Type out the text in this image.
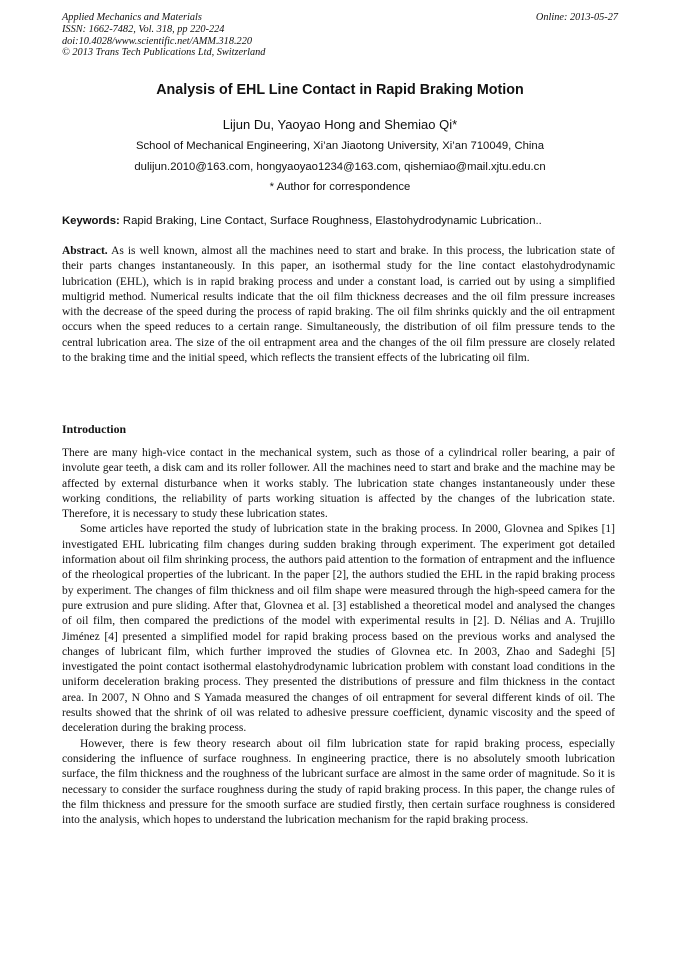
Applied Mechanics and Materials
ISSN: 1662-7482, Vol. 318, pp 220-224
doi:10.4028/www.scientific.net/AMM.318.220
© 2013 Trans Tech Publications Ltd, Switzerland
Online: 2013-05-27
Analysis of EHL Line Contact in Rapid Braking Motion
Lijun Du, Yaoyao Hong and Shemiao Qi*
School of Mechanical Engineering, Xi’an Jiaotong University, Xi’an 710049, China
dulijun.2010@163.com, hongyaoyao1234@163.com, qishemiao@mail.xjtu.edu.cn
* Author for correspondence
Keywords: Rapid Braking, Line Contact, Surface Roughness, Elastohydrodynamic Lubrication..

Abstract. As is well known, almost all the machines need to start and brake. In this process, the lubrication state of their parts changes instantaneously. In this paper, an isothermal study for the line contact elastohydrodynamic lubrication (EHL), which is in rapid braking process and under a constant load, is carried out by using a simplified multigrid method. Numerical results indicate that the oil film thickness decreases and the oil film pressure increases with the decrease of the speed during the process of rapid braking. The oil film shrinks quickly and the oil entrapment occurs when the speed reduces to a certain range. Simultaneously, the distribution of oil film pressure tends to the central lubrication area. The size of the oil entrapment area and the changes of the oil film pressure are closely related to the braking time and the initial speed, which reflects the transient effects of the lubricating oil film.

Introduction

There are many high-vice contact in the mechanical system, such as those of a cylindrical roller bearing, a pair of involute gear teeth, a disk cam and its roller follower. All the machines need to start and brake and the machine may be affected by external disturbance when it works stably. The lubrication state changes instantaneously under these working conditions, the reliability of parts working situation is affected by the changes of the lubrication state. Therefore, it is necessary to study these lubrication states.

Some articles have reported the study of lubrication state in the braking process. In 2000, Glovnea and Spikes [1] investigated EHL lubricating film changes during sudden braking through experiment. The experiment got detailed information about oil film shrinking process, the authors paid attention to the formation of entrapment and the influence of the rheological properties of the lubricant. In the paper [2], the authors studied the EHL in the rapid braking process by experiment. The changes of film thickness and oil film shape were measured through the high-speed camera for the pure extrusion and pure sliding. After that, Glovnea et al. [3] established a theoretical model and analysed the changes of oil film, then compared the predictions of the model with experimental results in [2]. D. Nélias and A. Trujillo Jiménez [4] presented a simplified model for rapid braking process based on the previous works and analysed the changes of lubricant film, which further improved the studies of Glovnea etc. In 2003, Zhao and Sadeghi [5] investigated the point contact isothermal elastohydrodynamic lubrication problem with constant load conditions in the uniform deceleration braking process. They presented the distributions of pressure and film thickness in the contact area. In 2007, N Ohno and S Yamada measured the changes of oil entrapment for several different kinds of oil. The results showed that the shrink of oil was related to adhesive pressure coefficient, dynamic viscosity and the speed of deceleration during the braking process.

However, there is few theory research about oil film lubrication state for rapid braking process, especially considering the influence of surface roughness. In engineering practice, there is no absolutely smooth lubrication surface, the film thickness and the roughness of the lubricant surface are almost in the same order of magnitude. So it is necessary to consider the surface roughness during the study of rapid braking process. In this paper, the change rules of the film thickness and pressure for the smooth surface are studied firstly, then certain surface roughness is considered into the analysis, which hopes to understand the lubrication mechanism for the rapid braking process.
